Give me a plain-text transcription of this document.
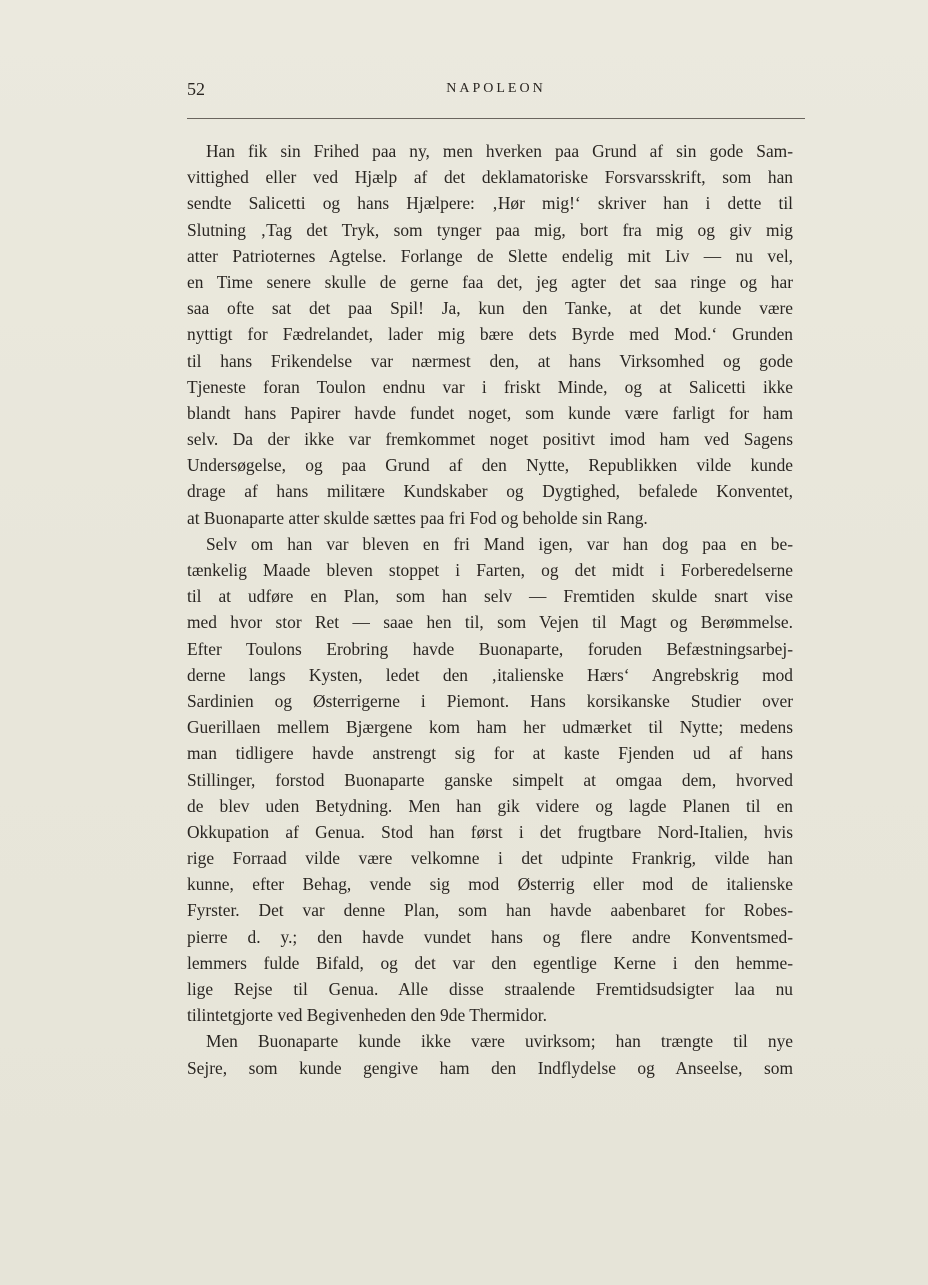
52	NAPOLEON
Han fik sin Frihed paa ny, men hverken paa Grund af sin gode Sam-
vittighed eller ved Hjælp af det deklamatoriske Forsvarsskrift, som han
sendte Salicetti og hans Hjælpere: ‚Hør mig!‘ skriver han i dette til
Slutning ‚Tag det Tryk, som tynger paa mig, bort fra mig og giv mig
atter Patrioternes Agtelse. Forlange de Slette endelig mit Liv — nu vel,
en Time senere skulle de gerne faa det, jeg agter det saa ringe og har
saa ofte sat det paa Spil! Ja, kun den Tanke, at det kunde være
nyttigt for Fædrelandet, lader mig bære dets Byrde med Mod.‘ Grunden
til hans Frikendelse var nærmest den, at hans Virksomhed og gode
Tjeneste foran Toulon endnu var i friskt Minde, og at Salicetti ikke
blandt hans Papirer havde fundet noget, som kunde være farligt for ham
selv. Da der ikke var fremkommet noget positivt imod ham ved Sagens
Undersøgelse, og paa Grund af den Nytte, Republikken vilde kunde
drage af hans militære Kundskaber og Dygtighed, befalede Konventet,
at Buonaparte atter skulde sættes paa fri Fod og beholde sin Rang.
Selv om han var bleven en fri Mand igen, var han dog paa en be-
tænkelig Maade bleven stoppet i Farten, og det midt i Forberedelserne
til at udføre en Plan, som han selv — Fremtiden skulde snart vise
med hvor stor Ret — saae hen til, som Vejen til Magt og Berømmelse.
Efter Toulons Erobring havde Buonaparte, foruden Befæstningsarbej-
derne langs Kysten, ledet den ‚italienske Hærs‘ Angrebskrig mod
Sardinien og Østerrigerne i Piemont. Hans korsikanske Studier over
Guerillaen mellem Bjærgene kom ham her udmærket til Nytte; medens
man tidligere havde anstrengt sig for at kaste Fjenden ud af hans
Stillinger, forstod Buonaparte ganske simpelt at omgaa dem, hvorved
de blev uden Betydning. Men han gik videre og lagde Planen til en
Okkupation af Genua. Stod han først i det frugtbare Nord-Italien, hvis
rige Forraad vilde være velkomne i det udpinte Frankrig, vilde han
kunne, efter Behag, vende sig mod Østerrig eller mod de italienske
Fyrster. Det var denne Plan, som han havde aabenbaret for Robes-
pierre d. y.; den havde vundet hans og flere andre Konventsmed-
lemmers fulde Bifald, og det var den egentlige Kerne i den hemme-
lige Rejse til Genua. Alle disse straalende Fremtidsudsigter laa nu
tilintetgjorte ved Begivenheden den 9de Thermidor.
Men Buonaparte kunde ikke være uvirksom; han trængte til nye
Sejre, som kunde gengive ham den Indflydelse og Anseelse, som
